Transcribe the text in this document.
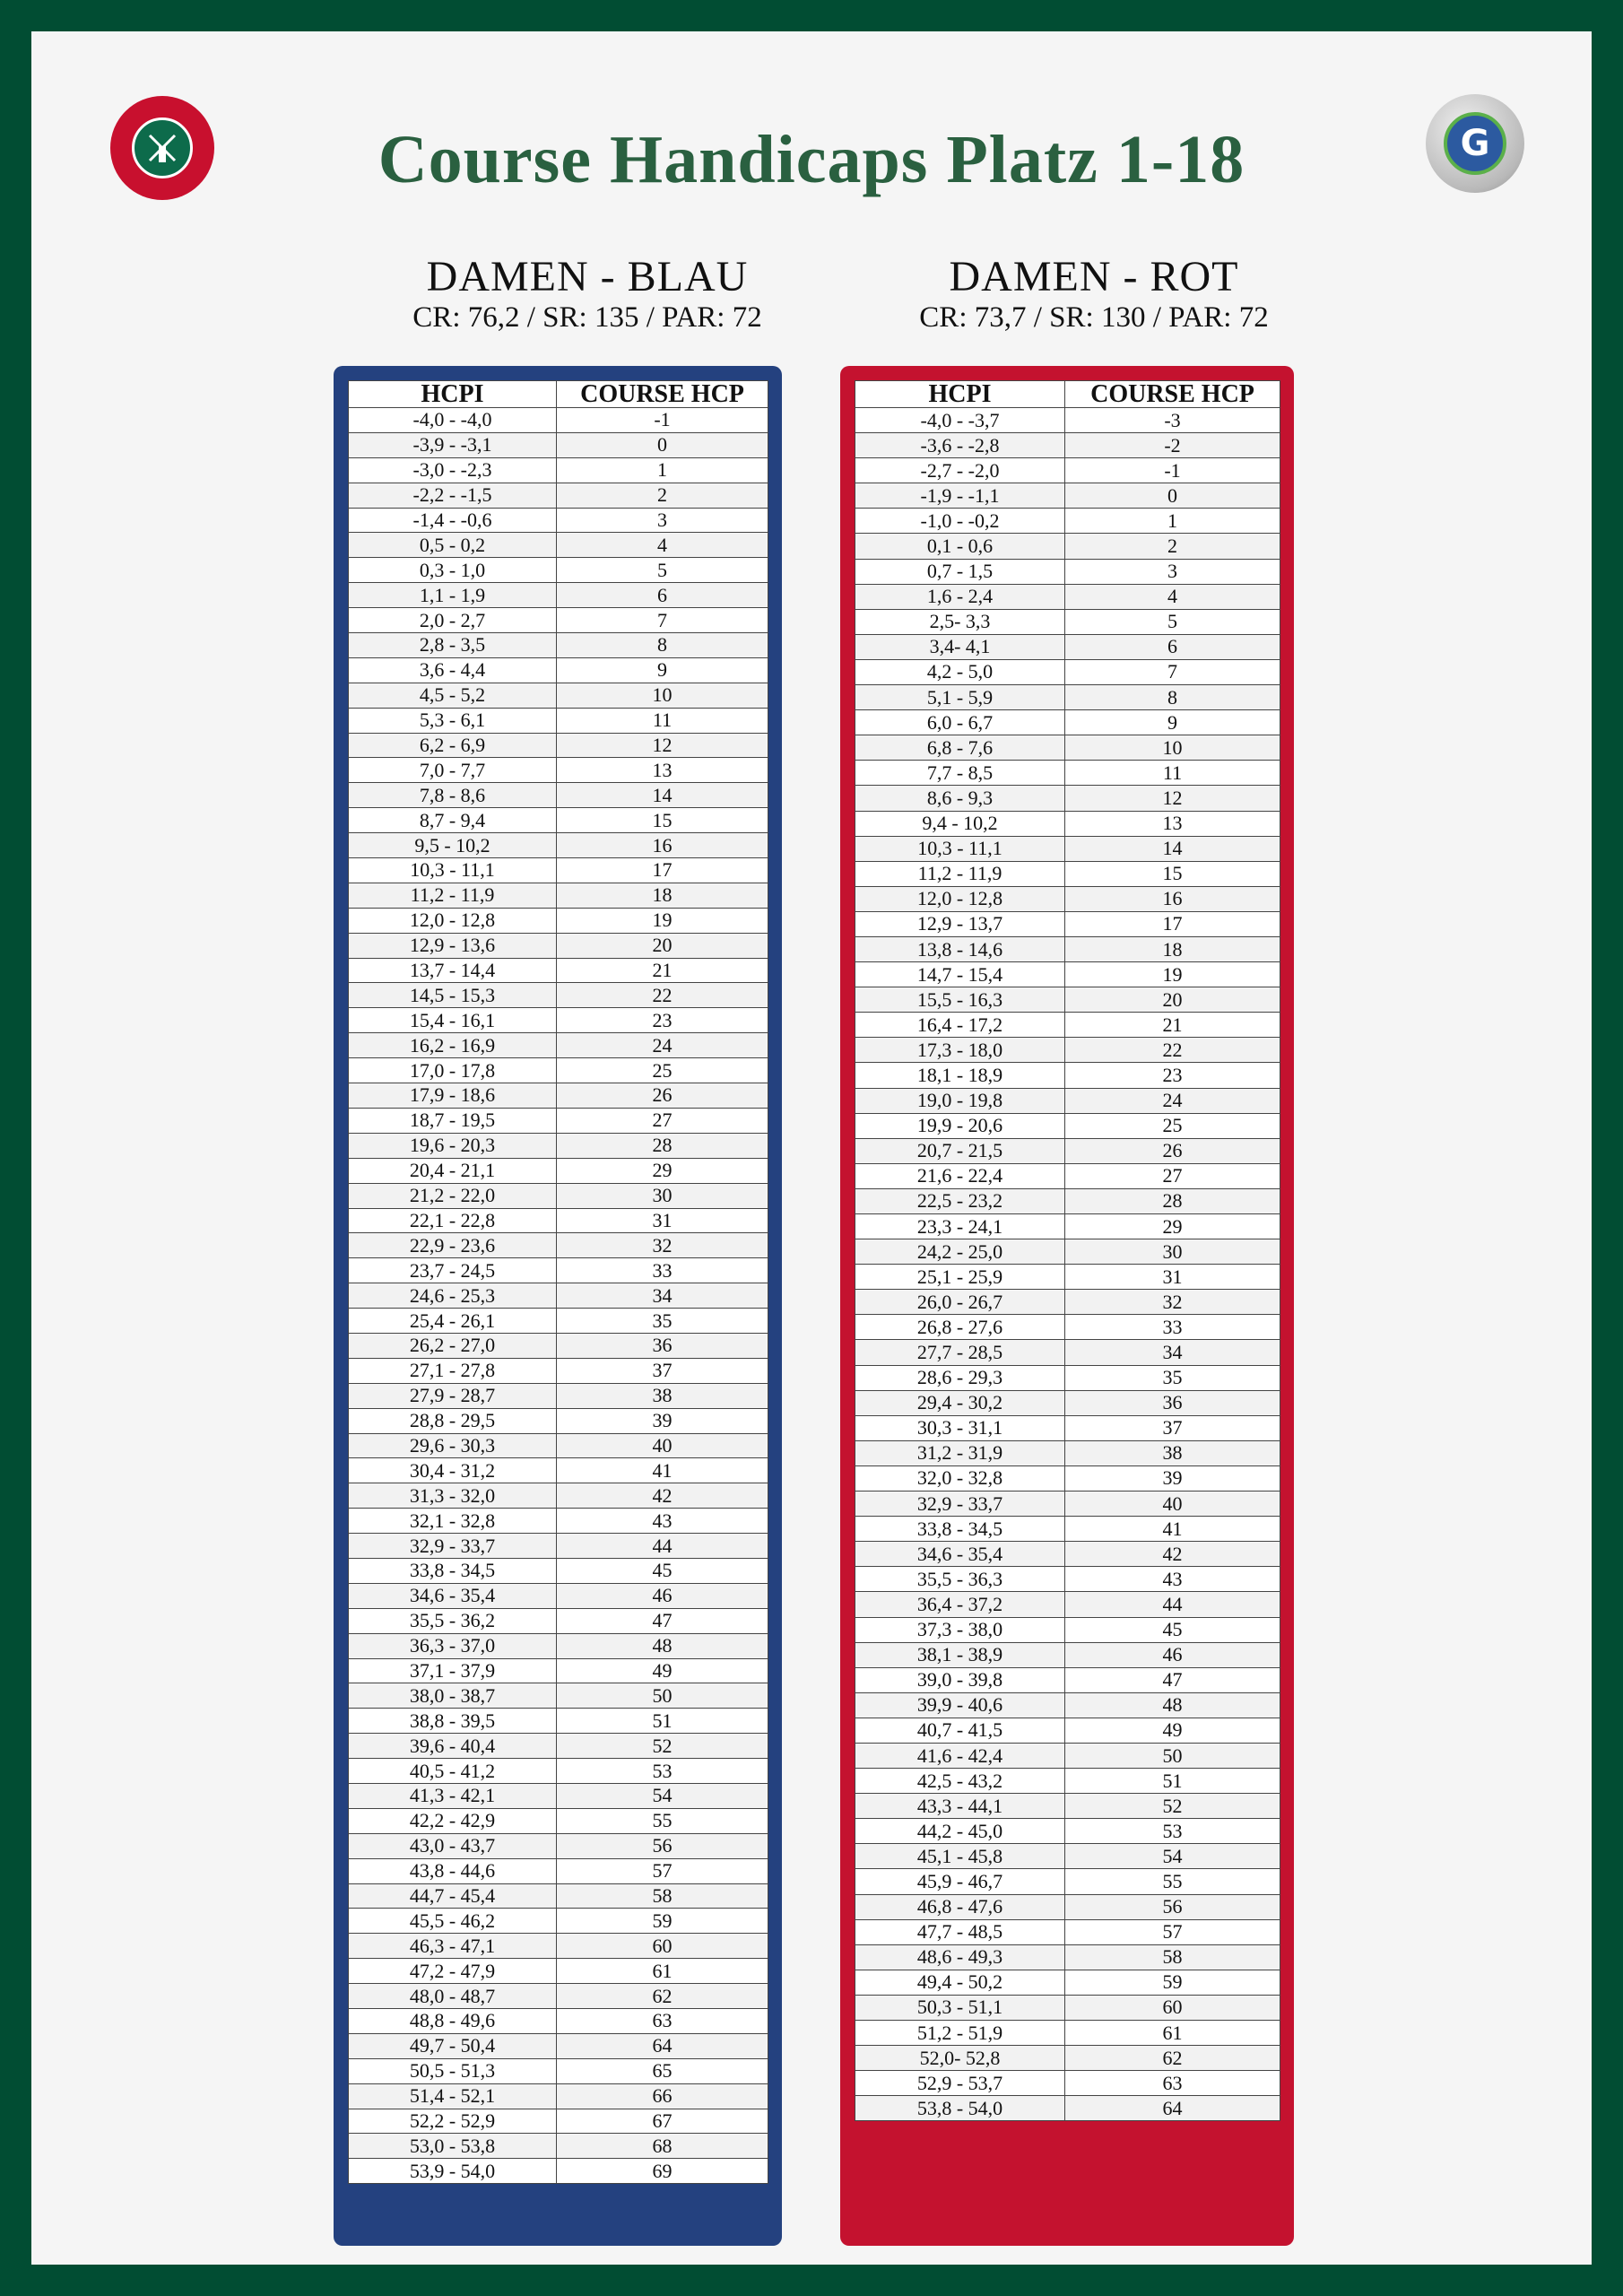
Course Handicaps Platz 1-18	G
DAMEN - BLAU
CR: 76,2 / SR: 135 / PAR: 72
HCPI	COURSE HCP
-4,0 - -4,0	-1
-3,9 - -3,1	0
-3,0 - -2,3	1
-2,2 - -1,5	2
-1,4 - -0,6	3
0,5 - 0,2	4
0,3 - 1,0	5
1,1 - 1,9	6
2,0 - 2,7	7
2,8 - 3,5	8
3,6 - 4,4	9
4,5 - 5,2	10
5,3 - 6,1	11
6,2 - 6,9	12
7,0 - 7,7	13
7,8 - 8,6	14
8,7 - 9,4	15
9,5 - 10,2	16
10,3 - 11,1	17
11,2 - 11,9	18
12,0 - 12,8	19
12,9 - 13,6	20
13,7 - 14,4	21
14,5 - 15,3	22
15,4 - 16,1	23
16,2 - 16,9	24
17,0 - 17,8	25
17,9 - 18,6	26
18,7 - 19,5	27
19,6 - 20,3	28
20,4 - 21,1	29
21,2 - 22,0	30
22,1 - 22,8	31
22,9 - 23,6	32
23,7 - 24,5	33
24,6 - 25,3	34
25,4 - 26,1	35
26,2 - 27,0	36
27,1 - 27,8	37
27,9 - 28,7	38
28,8 - 29,5	39
29,6 - 30,3	40
30,4 - 31,2	41
31,3 - 32,0	42
32,1 - 32,8	43
32,9 - 33,7	44
33,8 - 34,5	45
34,6 - 35,4	46
35,5 - 36,2	47
36,3 - 37,0	48
37,1 - 37,9	49
38,0 - 38,7	50
38,8 - 39,5	51
39,6 - 40,4	52
40,5 - 41,2	53
41,3 - 42,1	54
42,2 - 42,9	55
43,0 - 43,7	56
43,8 - 44,6	57
44,7 - 45,4	58
45,5 - 46,2	59
46,3 - 47,1	60
47,2 - 47,9	61
48,0 - 48,7	62
48,8 - 49,6	63
49,7 - 50,4	64
50,5 - 51,3	65
51,4 - 52,1	66
52,2 - 52,9	67
53,0 - 53,8	68
53,9 - 54,0	69
DAMEN - ROT
CR: 73,7 / SR: 130 / PAR: 72
HCPI	COURSE HCP
-4,0 - -3,7	-3
-3,6 - -2,8	-2
-2,7 - -2,0	-1
-1,9 - -1,1	0
-1,0 - -0,2	1
0,1 - 0,6	2
0,7 - 1,5	3
1,6 - 2,4	4
2,5- 3,3	5
3,4- 4,1	6
4,2 - 5,0	7
5,1 - 5,9	8
6,0 - 6,7	9
6,8 - 7,6	10
7,7 - 8,5	11
8,6 - 9,3	12
9,4 - 10,2	13
10,3 - 11,1	14
11,2 - 11,9	15
12,0 - 12,8	16
12,9 - 13,7	17
13,8 - 14,6	18
14,7 - 15,4	19
15,5 - 16,3	20
16,4 - 17,2	21
17,3 - 18,0	22
18,1 - 18,9	23
19,0 - 19,8	24
19,9 - 20,6	25
20,7 - 21,5	26
21,6 - 22,4	27
22,5 - 23,2	28
23,3 - 24,1	29
24,2 - 25,0	30
25,1 - 25,9	31
26,0 - 26,7	32
26,8 - 27,6	33
27,7 - 28,5	34
28,6 - 29,3	35
29,4 - 30,2	36
30,3 - 31,1	37
31,2 - 31,9	38
32,0 - 32,8	39
32,9 - 33,7	40
33,8 - 34,5	41
34,6 - 35,4	42
35,5 - 36,3	43
36,4 - 37,2	44
37,3 - 38,0	45
38,1 - 38,9	46
39,0 - 39,8	47
39,9 - 40,6	48
40,7 - 41,5	49
41,6 - 42,4	50
42,5 - 43,2	51
43,3 - 44,1	52
44,2 - 45,0	53
45,1 - 45,8	54
45,9 - 46,7	55
46,8 - 47,6	56
47,7 - 48,5	57
48,6 - 49,3	58
49,4 - 50,2	59
50,3 - 51,1	60
51,2 - 51,9	61
52,0- 52,8	62
52,9 - 53,7	63
53,8 - 54,0	64
